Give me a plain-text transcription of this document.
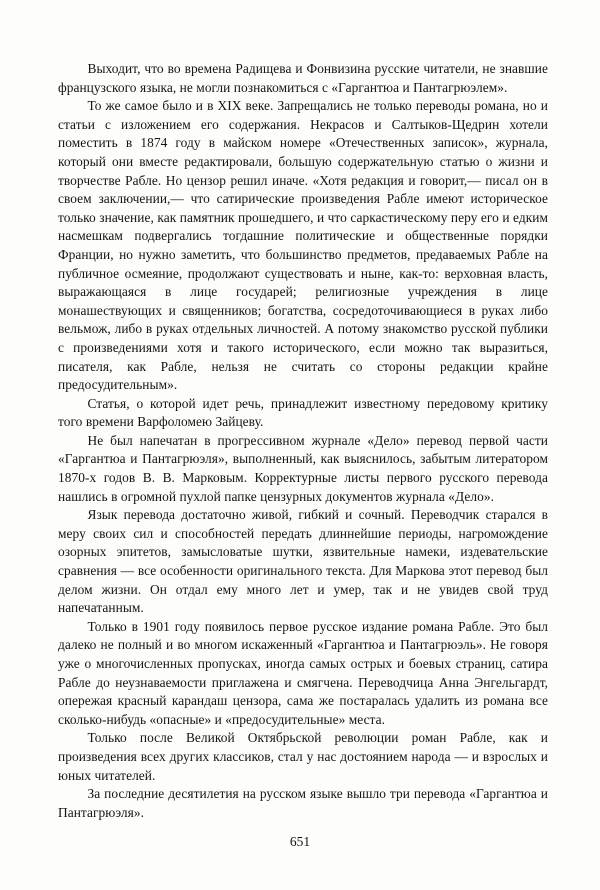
Выходит, что во времена Радищева и Фонвизина русские читатели, не знавшие французского языка, не могли познакомиться с «Гаргантюа и Пантагрюэлем».

То же самое было и в XIX веке. Запрещались не только переводы романа, но и статьи с изложением его содержания. Некрасов и Салтыков-Щедрин хотели поместить в 1874 году в майском номере «Отечественных записок», журнала, который они вместе редактировали, большую содержательную статью о жизни и творчестве Рабле. Но цензор решил иначе. «Хотя редакция и говорит,— писал он в своем заключении,— что сатирические произведения Рабле имеют историческое только значение, как памятник прошедшего, и что саркастическому перу его и едким насмешкам подвергались тогдашние политические и общественные порядки Франции, но нужно заметить, что большинство предметов, предаваемых Рабле на публичное осмеяние, продолжают существовать и ныне, как-то: верховная власть, выражающаяся в лице государей; религиозные учреждения в лице монашествующих и священников; богатства, сосредоточивающиеся в руках либо вельмож, либо в руках отдельных личностей. А потому знакомство русской публики с произведениями хотя и такого исторического, если можно так выразиться, писателя, как Рабле, нельзя не считать со стороны редакции крайне предосудительным».

Статья, о которой идет речь, принадлежит известному передовому критику того времени Варфоломею Зайцеву.

Не был напечатан в прогрессивном журнале «Дело» перевод первой части «Гаргантюа и Пантагрюэля», выполненный, как выяснилось, забытым литератором 1870-х годов В. В. Марковым. Корректурные листы первого русского перевода нашлись в огромной пухлой папке цензурных документов журнала «Дело».

Язык перевода достаточно живой, гибкий и сочный. Переводчик старался в меру своих сил и способностей передать длиннейшие периоды, нагромождение озорных эпитетов, замысловатые шутки, язвительные намеки, издевательские сравнения — все особенности оригинального текста. Для Маркова этот перевод был делом жизни. Он отдал ему много лет и умер, так и не увидев свой труд напечатанным.

Только в 1901 году появилось первое русское издание романа Рабле. Это был далеко не полный и во многом искаженный «Гаргантюа и Пантагрюэль». Не говоря уже о многочисленных пропусках, иногда самых острых и боевых страниц, сатира Рабле до неузнаваемости приглажена и смягчена. Переводчица Анна Энгельгардт, опережая красный карандаш цензора, сама же постаралась удалить из романа все сколько-нибудь «опасные» и «предосудительные» места.

Только после Великой Октябрьской революции роман Рабле, как и произведения всех других классиков, стал у нас достоянием народа — и взрослых и юных читателей.

За последние десятилетия на русском языке вышло три перевода «Гаргантюа и Пантагрюэля».

651
